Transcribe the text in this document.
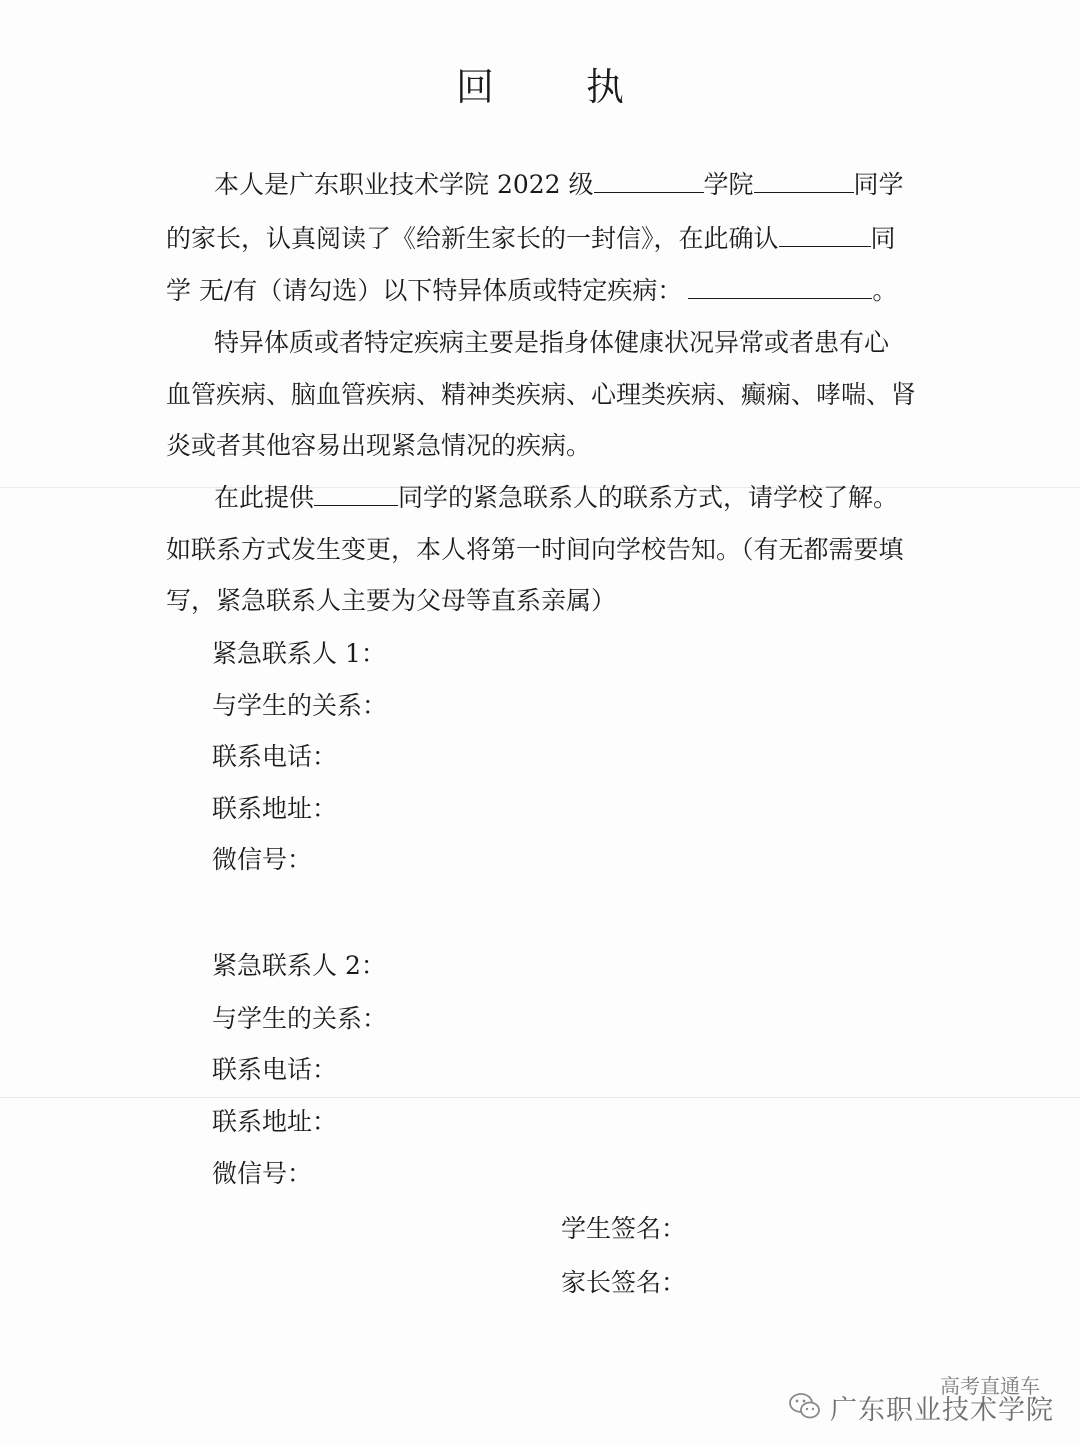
回 执
本人是广东职业技术学院 2022 级	学院	同学
的家长，认真阅读了《给新生家长的一封信》，在此确认	同
学 无/有（请勾选）以下特异体质或特定疾病：	。
特异体质或者特定疾病主要是指身体健康状况异常或者患有心
血管疾病、脑血管疾病、精神类疾病、心理类疾病、癫痫、哮喘、肾
炎或者其他容易出现紧急情况的疾病。
在此提供	同学的紧急联系人的联系方式，请学校了解。
如联系方式发生变更，本人将第一时间向学校告知。（有无都需要填
写，紧急联系人主要为父母等直系亲属）
紧急联系人 1：
与学生的关系：
联系电话：
联系地址：
微信号：
紧急联系人 2：
与学生的关系：
联系电话：
联系地址：
微信号：
学生签名：
家长签名：
广东职业技术学院
高考直通车
